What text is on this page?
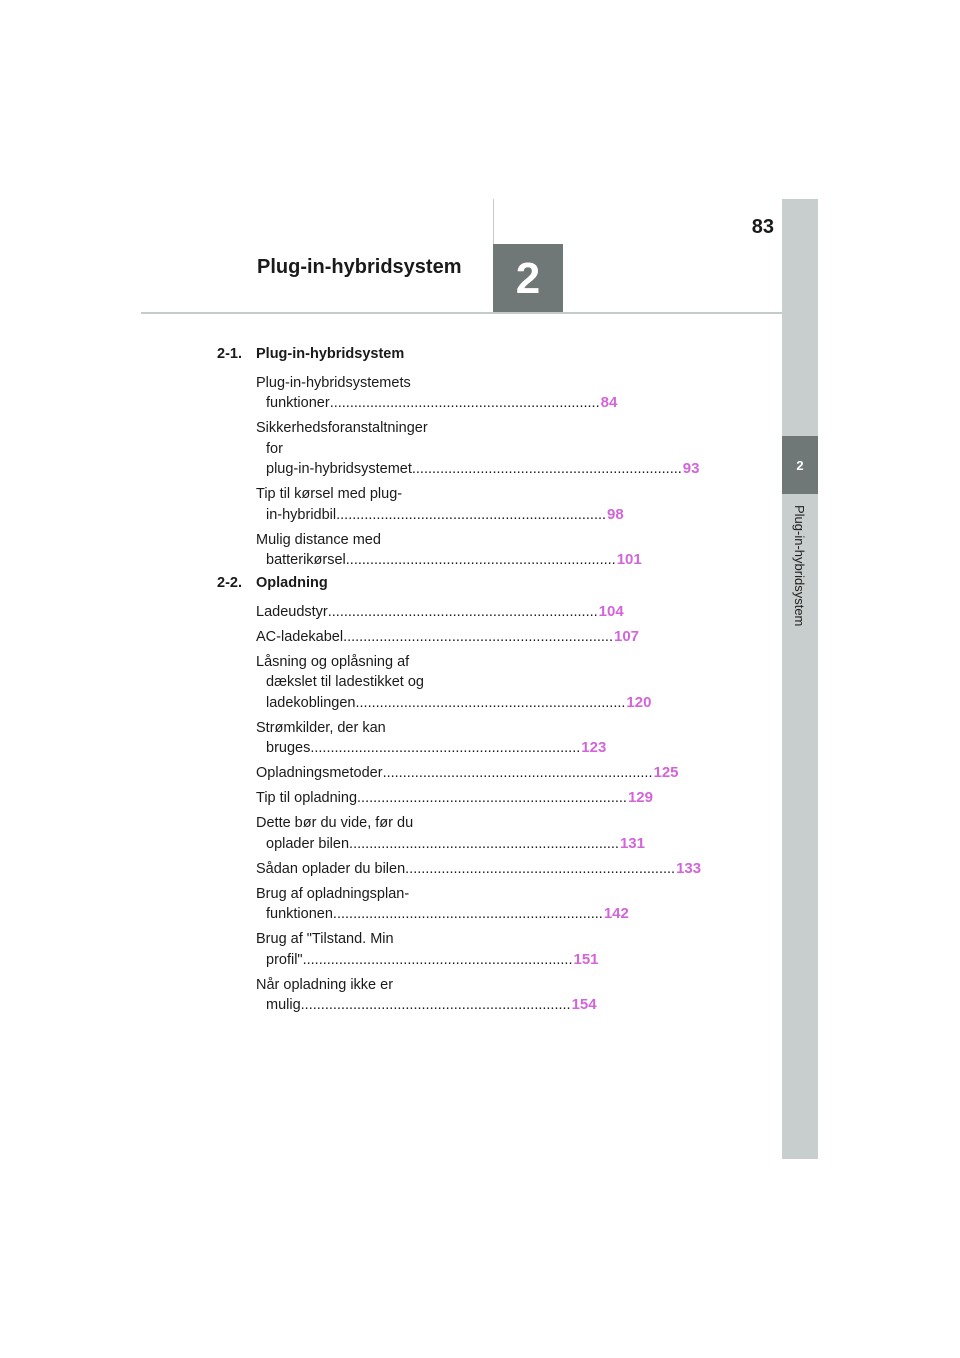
2
Plug-in-hybridsystem
83
2
Plug-in-hybridsystem
2-1. Plug-in-hybridsystem
Plug-in-hybridsystemets
funktioner ................................................................... 84
Sikkerhedsforanstaltninger
for
plug-in-hybridsystemet ................................................................... 93
Tip til kørsel med plug-
in-hybridbil ................................................................... 98
Mulig distance med
batterikørsel ................................................................... 101
2-2. Opladning
Ladeudstyr ................................................................... 104
AC-ladekabel ................................................................... 107
Låsning og oplåsning af
dækslet til ladestikket og
ladekoblingen ................................................................... 120
Strømkilder, der kan
bruges ................................................................... 123
Opladningsmetoder ................................................................... 125
Tip til opladning ................................................................... 129
Dette bør du vide, før du
oplader bilen ................................................................... 131
Sådan oplader du bilen ................................................................... 133
Brug af opladningsplan-
funktionen ................................................................... 142
Brug af "Tilstand. Min
profil" ................................................................... 151
Når opladning ikke er
mulig ................................................................... 154
